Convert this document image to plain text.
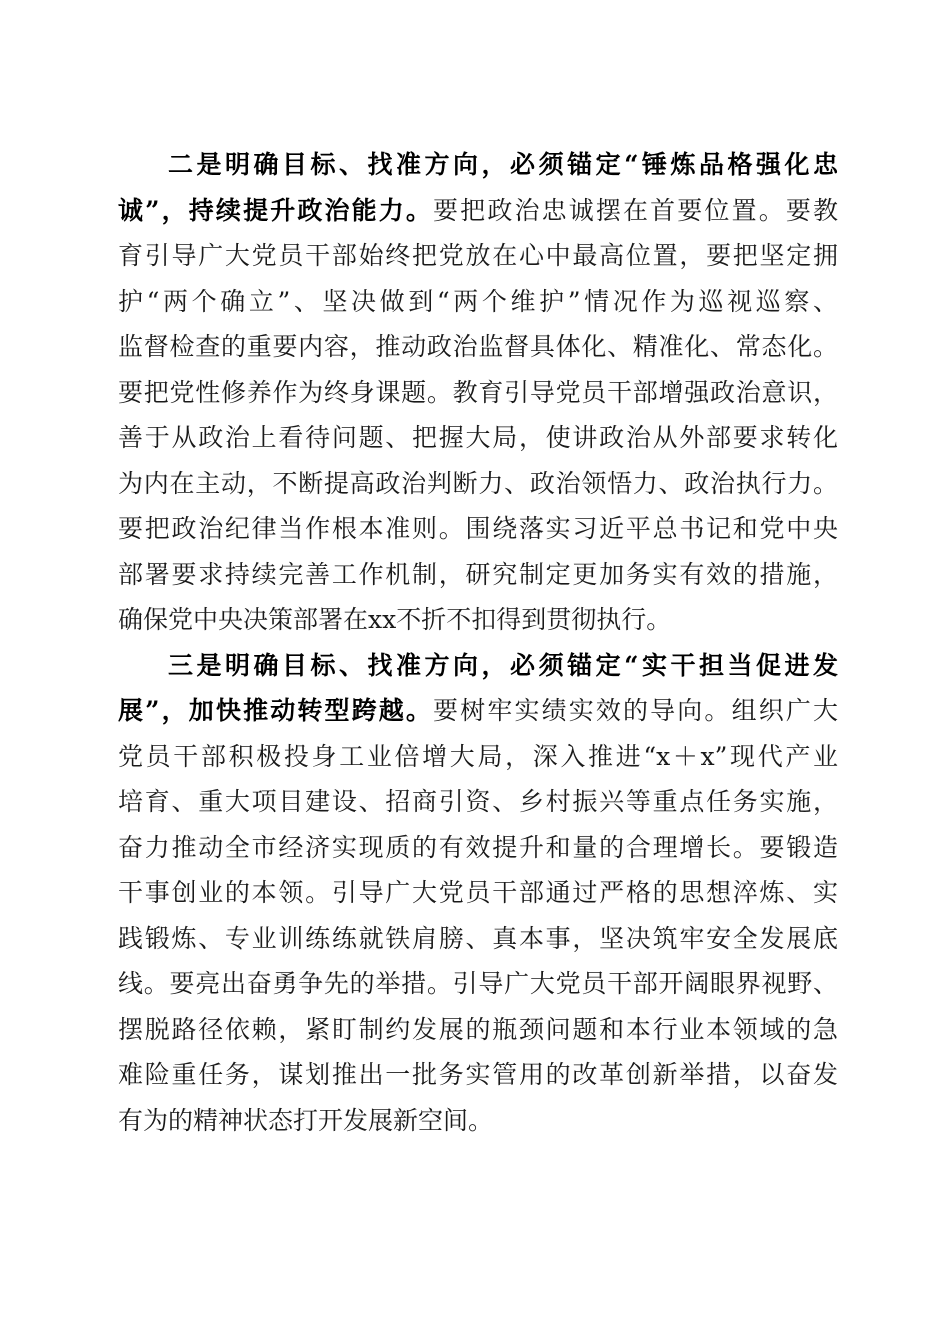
二是明确目标、找准方向，必须锚定“锤炼品格强化忠
诚”，持续提升政治能力。要把政治忠诚摆在首要位置。要教
育引导广大党员干部始终把党放在心中最高位置，要把坚定拥
护“两个确立”、坚决做到“两个维护”情况作为巡视巡察、
监督检查的重要内容，推动政治监督具体化、精准化、常态化。
要把党性修养作为终身课题。教育引导党员干部增强政治意识，
善于从政治上看待问题、把握大局，使讲政治从外部要求转化
为内在主动，不断提高政治判断力、政治领悟力、政治执行力。
要把政治纪律当作根本准则。围绕落实习近平总书记和党中央
部署要求持续完善工作机制，研究制定更加务实有效的措施，
确保党中央决策部署在xx不折不扣得到贯彻执行。
三是明确目标、找准方向，必须锚定“实干担当促进发
展”，加快推动转型跨越。要树牢实绩实效的导向。组织广大
党员干部积极投身工业倍增大局，深入推进“x＋x”现代产业
培育、重大项目建设、招商引资、乡村振兴等重点任务实施，
奋力推动全市经济实现质的有效提升和量的合理增长。要锻造
干事创业的本领。引导广大党员干部通过严格的思想淬炼、实
践锻炼、专业训练练就铁肩膀、真本事，坚决筑牢安全发展底
线。要亮出奋勇争先的举措。引导广大党员干部开阔眼界视野、
摆脱路径依赖，紧盯制约发展的瓶颈问题和本行业本领域的急
难险重任务，谋划推出一批务实管用的改革创新举措，以奋发
有为的精神状态打开发展新空间。
